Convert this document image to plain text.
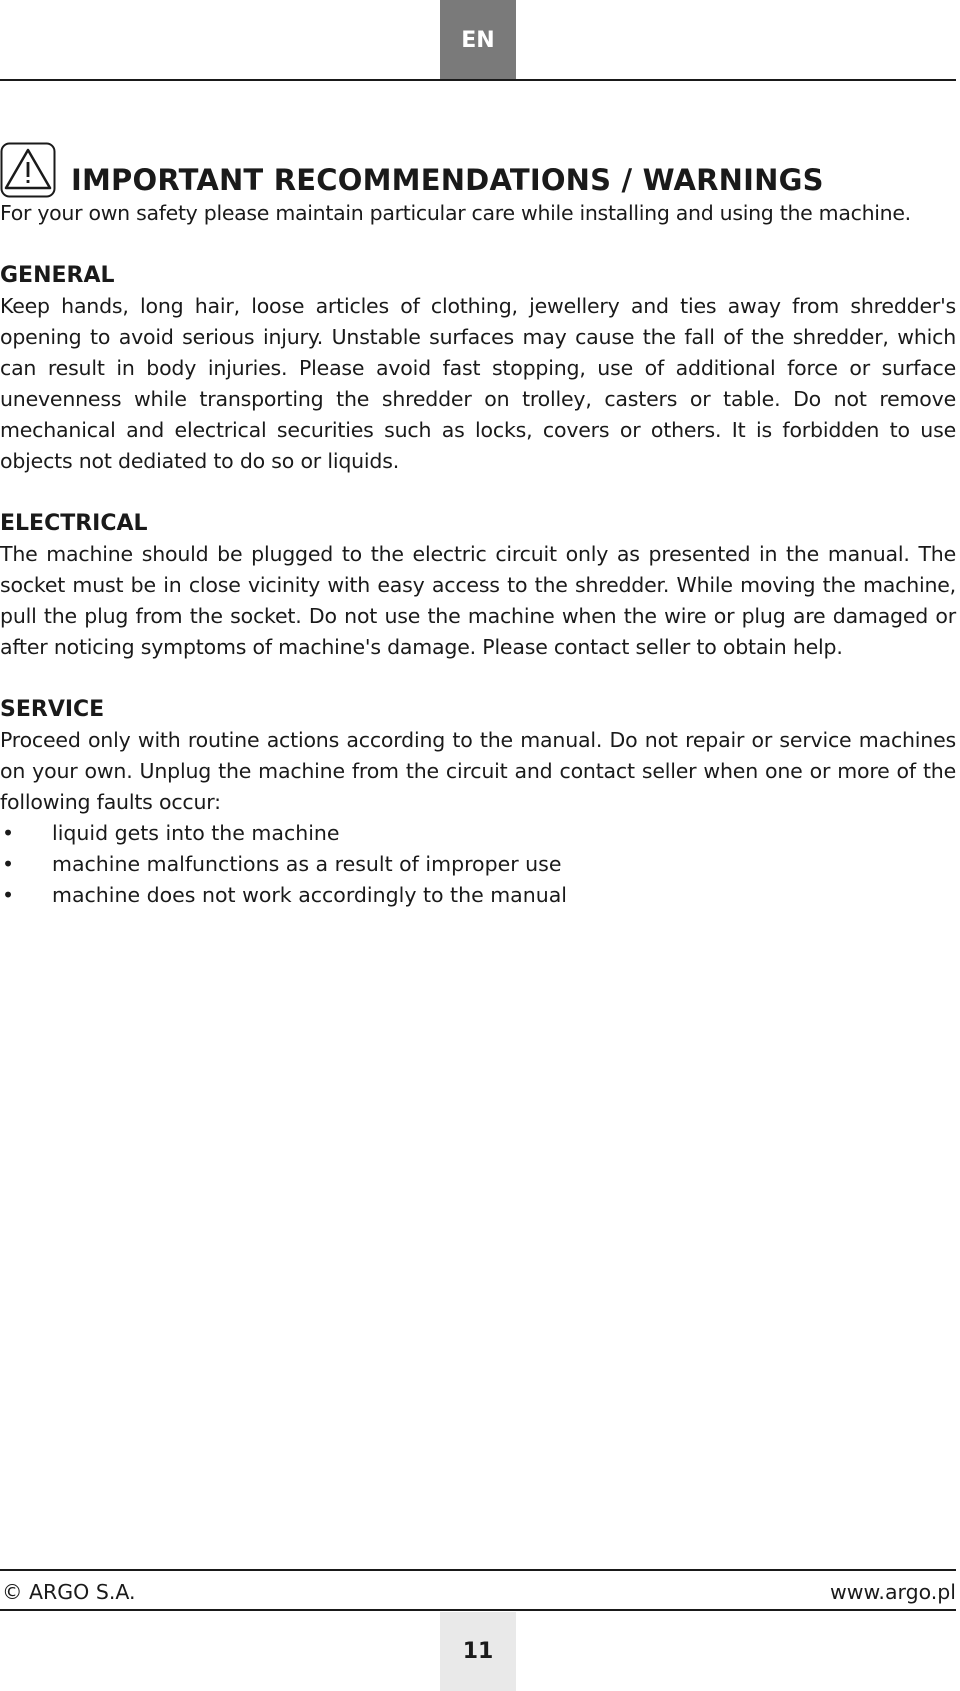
EN
IMPORTANT RECOMMENDATIONS / WARNINGS

For your own safety please maintain particular care while installing and using the machine.

GENERAL

Keep hands, long hair, loose articles of clothing, jewellery and ties away from shredder's opening to avoid serious injury. Unstable surfaces may cause the fall of the shredder, which can result in body injuries. Please avoid fast stopping, use of additional force or surface unevenness while transporting the shredder on trolley, casters or table. Do not remove mechanical and electrical securities such as locks, covers or others. It is forbidden to use objects not dediated to do so or liquids.

ELECTRICAL

The machine should be plugged to the electric circuit only as presented in the manual. The socket must be in close vicinity with easy access to the shredder. While moving the machine, pull the plug from the socket. Do not use the machine when the wire or plug are damaged or after noticing symptoms of machine's damage. Please contact seller to obtain help.

SERVICE

Proceed only with routine actions according to the manual. Do not repair or service machines on your own. Unplug the machine from the circuit and contact seller when one or more of the following faults occur:

• liquid gets into the machine
• machine malfunctions as a result of improper use
• machine does not work accordingly to the manual
© ARGO S.A.	www.argo.pl
11
